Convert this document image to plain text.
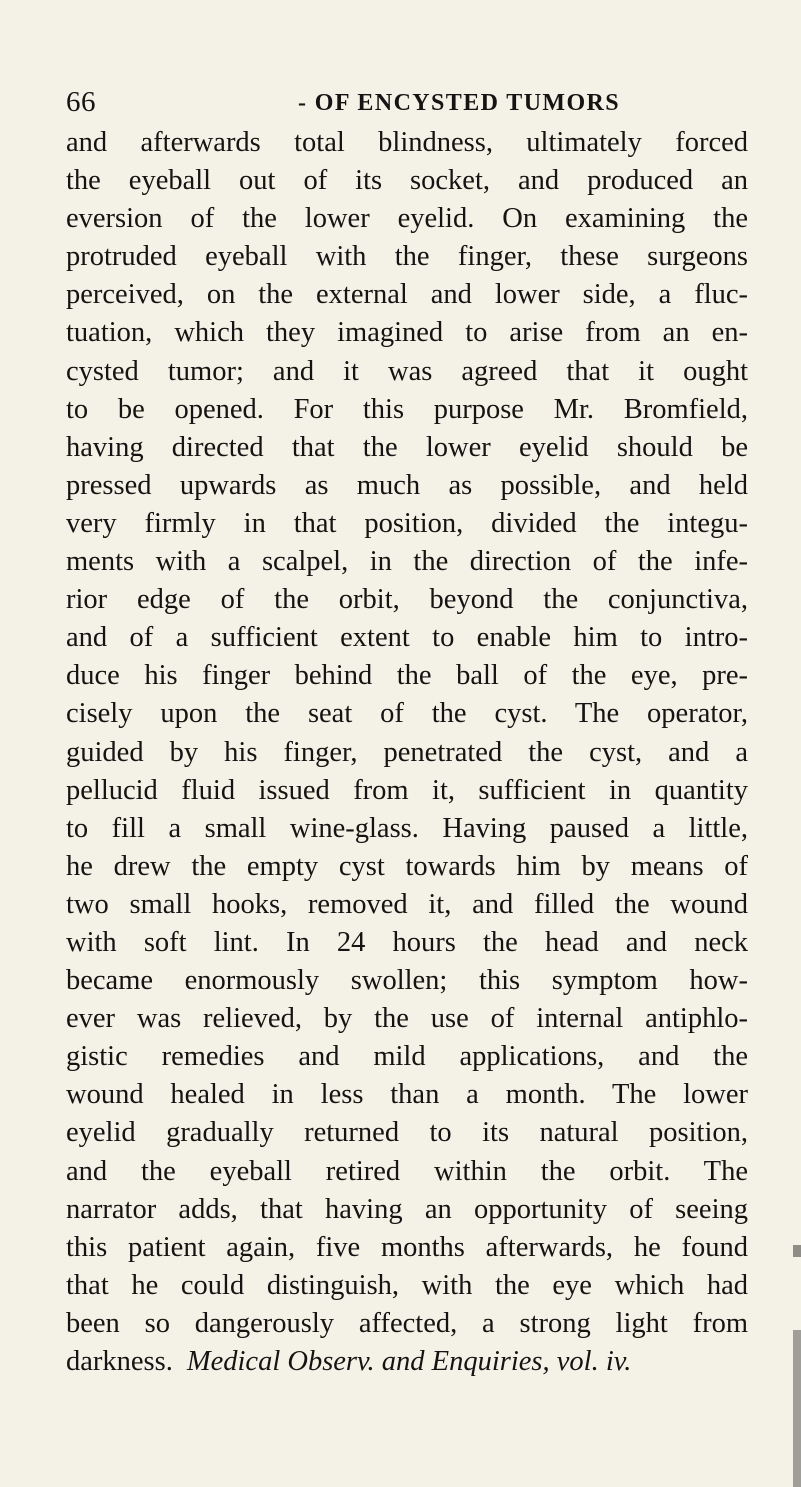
66	- OF ENCYSTED TUMORS
and afterwards total blindness, ultimately forced
the eyeball out of its socket, and produced an
eversion of the lower eyelid. On examining the
protruded eyeball with the finger, these surgeons
perceived, on the external and lower side, a fluc-
tuation, which they imagined to arise from an en-
cysted tumor; and it was agreed that it ought
to be opened. For this purpose Mr. Bromfield,
having directed that the lower eyelid should be
pressed upwards as much as possible, and held
very firmly in that position, divided the integu-
ments with a scalpel, in the direction of the infe-
rior edge of the orbit, beyond the conjunctiva,
and of a sufficient extent to enable him to intro-
duce his finger behind the ball of the eye, pre-
cisely upon the seat of the cyst. The operator,
guided by his finger, penetrated the cyst, and a
pellucid fluid issued from it, sufficient in quantity
to fill a small wine-glass. Having paused a little,
he drew the empty cyst towards him by means of
two small hooks, removed it, and filled the wound
with soft lint. In 24 hours the head and neck
became enormously swollen; this symptom how-
ever was relieved, by the use of internal antiphlo-
gistic remedies and mild applications, and the
wound healed in less than a month. The lower
eyelid gradually returned to its natural position,
and the eyeball retired within the orbit. The
narrator adds, that having an opportunity of seeing
this patient again, five months afterwards, he found
that he could distinguish, with the eye which had
been so dangerously affected, a strong light from
darkness. Medical Observ. and Enquiries, vol. iv.
